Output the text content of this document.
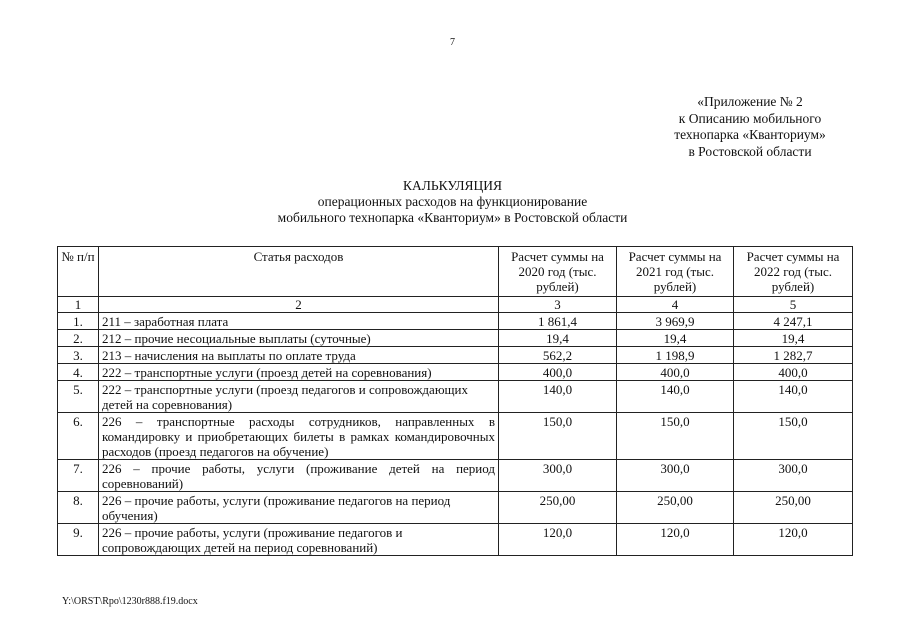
7
«Приложение № 2
к Описанию мобильного
технопарка «Кванториум»
в Ростовской области
КАЛЬКУЛЯЦИЯ
операционных расходов на функционирование
мобильного технопарка «Кванториум» в Ростовской области
№ п/п	Статья расходов	Расчет суммы на 2020 год (тыс. рублей)	Расчет суммы на 2021 год (тыс. рублей)	Расчет суммы на 2022 год (тыс. рублей)
1	2	3	4	5
1.	211 – заработная плата	1 861,4	3 969,9	4 247,1
2.	212 – прочие несоциальные выплаты (суточные)	19,4	19,4	19,4
3.	213 – начисления на выплаты по оплате труда	562,2	1 198,9	1 282,7
4.	222 – транспортные услуги (проезд детей на соревнования)	400,0	400,0	400,0
5.	222 – транспортные услуги (проезд педагогов и сопровождающих детей на соревнования)	140,0	140,0	140,0
6.	226 – транспортные расходы сотрудников, направленных в командировку и приобретающих билеты в рамках командировочных расходов (проезд педагогов на обучение)	150,0	150,0	150,0
7.	226 – прочие работы, услуги (проживание детей на период соревнований)	300,0	300,0	300,0
8.	226 – прочие работы, услуги (проживание педагогов на период обучения)	250,00	250,00	250,00
9.	226 – прочие работы, услуги (проживание педагогов и сопровождающих детей на период соревнований)	120,0	120,0	120,0
Y:\ORST\Rpo\1230r888.f19.docx
